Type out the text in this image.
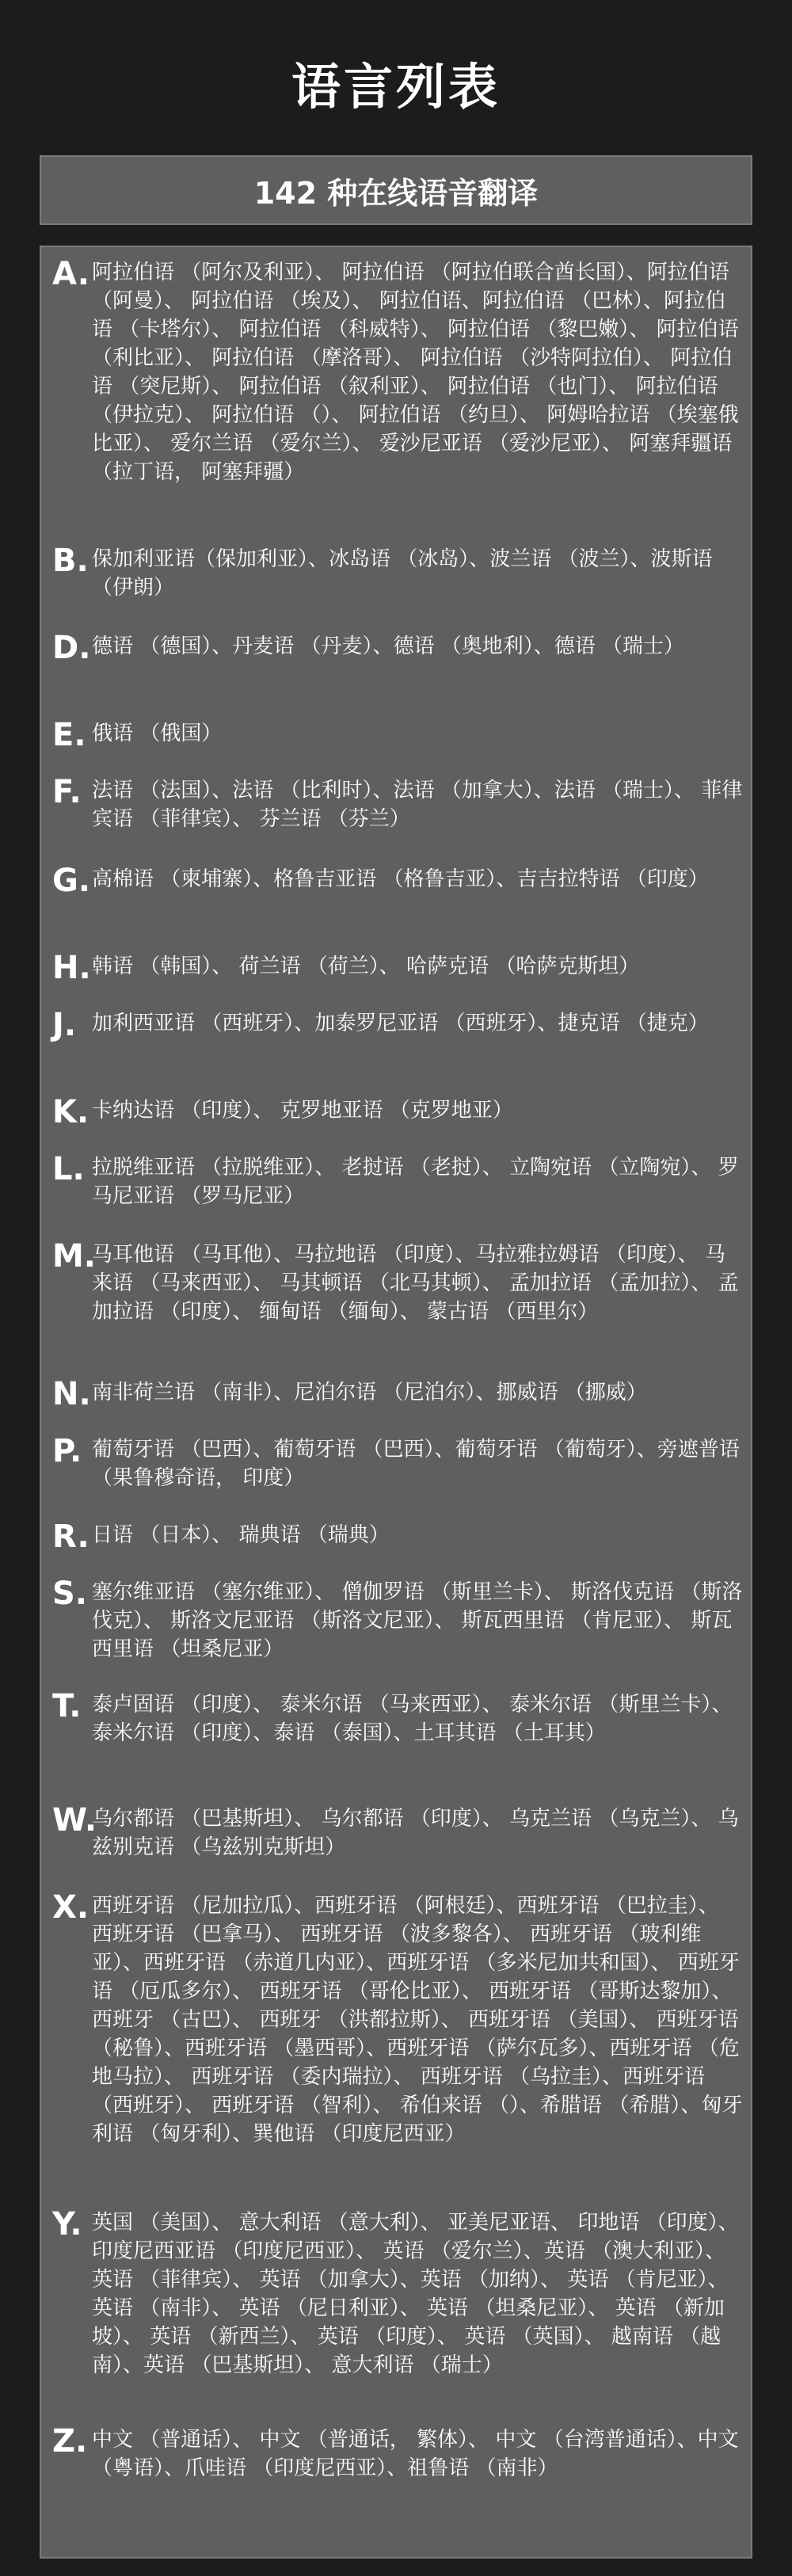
语言列表
142 种在线语音翻译
A. 阿拉伯语 （阿尔及利亚）、 阿拉伯语 （阿拉伯联合酋长国）、阿拉伯语 （阿曼）、 阿拉伯语 （埃及）、 阿拉伯语、阿拉伯语 （巴林）、阿拉伯语 （卡塔尔）、 阿拉伯语 （科威特）、 阿拉伯语 （黎巴嫩）、 阿拉伯语 （利比亚）、 阿拉伯语 （摩洛哥）、 阿拉伯语 （沙特阿拉伯）、 阿拉伯语 （突尼斯）、 阿拉伯语 （叙利亚）、 阿拉伯语 （也门）、 阿拉伯语 （伊拉克）、 阿拉伯语 （）、 阿拉伯语 （约旦）、 阿姆哈拉语 （埃塞俄比亚）、 爱尔兰语 （爱尔兰）、 爱沙尼亚语 （爱沙尼亚）、 阿塞拜疆语 （拉丁语， 阿塞拜疆）
B. 保加利亚语（保加利亚）、冰岛语 （冰岛）、波兰语 （波兰）、波斯语 （伊朗）
D. 德语 （德国）、丹麦语 （丹麦）、德语 （奥地利）、德语 （瑞士）
E. 俄语 （俄国）
F. 法语 （法国）、法语 （比利时）、法语 （加拿大）、法语 （瑞士）、 菲律宾语 （菲律宾）、 芬兰语 （芬兰）
G. 高棉语 （柬埔寨）、格鲁吉亚语 （格鲁吉亚）、吉吉拉特语 （印度）
H. 韩语 （韩国）、 荷兰语 （荷兰）、 哈萨克语 （哈萨克斯坦）
J. 加利西亚语 （西班牙）、加泰罗尼亚语 （西班牙）、捷克语 （捷克）
K. 卡纳达语 （印度）、 克罗地亚语 （克罗地亚）
L. 拉脱维亚语 （拉脱维亚）、 老挝语 （老挝）、 立陶宛语 （立陶宛）、 罗马尼亚语 （罗马尼亚）
M.
马耳他语 （马耳他）、马拉地语 （印度）、马拉雅拉姆语 （印度）、 马来语 （马来西亚）、 马其顿语 （北马其顿）、 孟加拉语 （孟加拉）、 孟加拉语 （印度）、 缅甸语 （缅甸）、 蒙古语 （西里尔）
N. 南非荷兰语 （南非）、尼泊尔语 （尼泊尔）、挪威语 （挪威）
P. 葡萄牙语 （巴西）、葡萄牙语 （巴西）、葡萄牙语 （葡萄牙）、旁遮普语 （果鲁穆奇语， 印度）
R. 日语 （日本）、 瑞典语 （瑞典）
S. 塞尔维亚语 （塞尔维亚）、 僧伽罗语 （斯里兰卡）、 斯洛伐克语 （斯洛伐克）、 斯洛文尼亚语 （斯洛文尼亚）、 斯瓦西里语 （肯尼亚）、 斯瓦西里语 （坦桑尼亚）
T. 泰卢固语 （印度）、 泰米尔语 （马来西亚）、 泰米尔语 （斯里兰卡）、泰米尔语 （印度）、泰语 （泰国）、土耳其语 （土耳其）
W.
乌尔都语 （巴基斯坦）、 乌尔都语 （印度）、 乌克兰语 （乌克兰）、 乌兹别克语 （乌兹别克斯坦）
X. 西班牙语 （尼加拉瓜）、西班牙语 （阿根廷）、西班牙语 （巴拉圭）、 西班牙语 （巴拿马）、 西班牙语 （波多黎各）、 西班牙语 （玻利维亚）、西班牙语 （赤道几内亚）、西班牙语 （多米尼加共和国）、 西班牙语 （厄瓜多尔）、 西班牙语 （哥伦比亚）、 西班牙语 （哥斯达黎加）、 西班牙 （古巴）、 西班牙 （洪都拉斯）、 西班牙语 （美国）、 西班牙语 （秘鲁）、西班牙语 （墨西哥）、西班牙语 （萨尔瓦多）、西班牙语 （危地马拉）、 西班牙语 （委内瑞拉）、 西班牙语 （乌拉圭）、西班牙语 （西班牙）、 西班牙语 （智利）、 希伯来语 （）、希腊语 （希腊）、匈牙利语 （匈牙利）、巽他语 （印度尼西亚）
Y. 英国 （美国）、 意大利语 （意大利）、 亚美尼亚语、 印地语 （印度）、 印度尼西亚语 （印度尼西亚）、 英语 （爱尔兰）、英语 （澳大利亚）、 英语 （菲律宾）、 英语 （加拿大）、英语 （加纳）、 英语 （肯尼亚）、 英语 （南非）、 英语 （尼日利亚）、 英语 （坦桑尼亚）、 英语 （新加坡）、 英语 （新西兰）、 英语 （印度）、 英语 （英国）、 越南语 （越南）、英语 （巴基斯坦）、 意大利语 （瑞士）
Z. 中文 （普通话）、 中文 （普通话， 繁体）、 中文 （台湾普通话）、中文 （粤语）、爪哇语 （印度尼西亚）、祖鲁语 （南非）
